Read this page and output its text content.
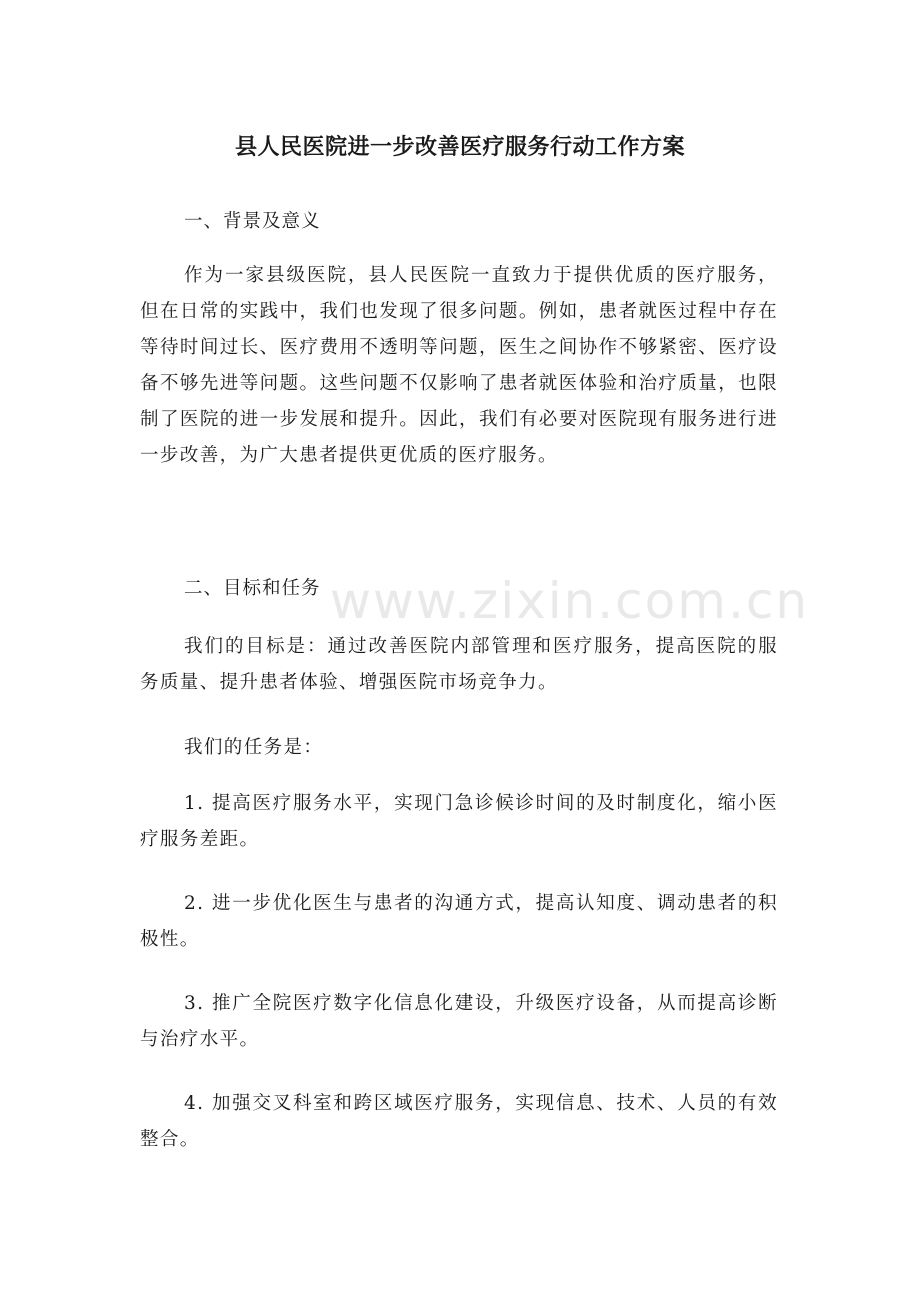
www.zixin.com.cn
县人民医院进一步改善医疗服务行动工作方案
一、背景及意义
作为一家县级医院，县人民医院一直致力于提供优质的医疗服务，但在日常的实践中，我们也发现了很多问题。例如，患者就医过程中存在等待时间过长、医疗费用不透明等问题，医生之间协作不够紧密、医疗设备不够先进等问题。这些问题不仅影响了患者就医体验和治疗质量，也限制了医院的进一步发展和提升。因此，我们有必要对医院现有服务进行进一步改善，为广大患者提供更优质的医疗服务。
二、目标和任务
我们的目标是：通过改善医院内部管理和医疗服务，提高医院的服务质量、提升患者体验、增强医院市场竞争力。
我们的任务是：
1. 提高医疗服务水平，实现门急诊候诊时间的及时制度化，缩小医疗服务差距。
2. 进一步优化医生与患者的沟通方式，提高认知度、调动患者的积极性。
3. 推广全院医疗数字化信息化建设，升级医疗设备，从而提高诊断与治疗水平。
4. 加强交叉科室和跨区域医疗服务，实现信息、技术、人员的有效整合。
